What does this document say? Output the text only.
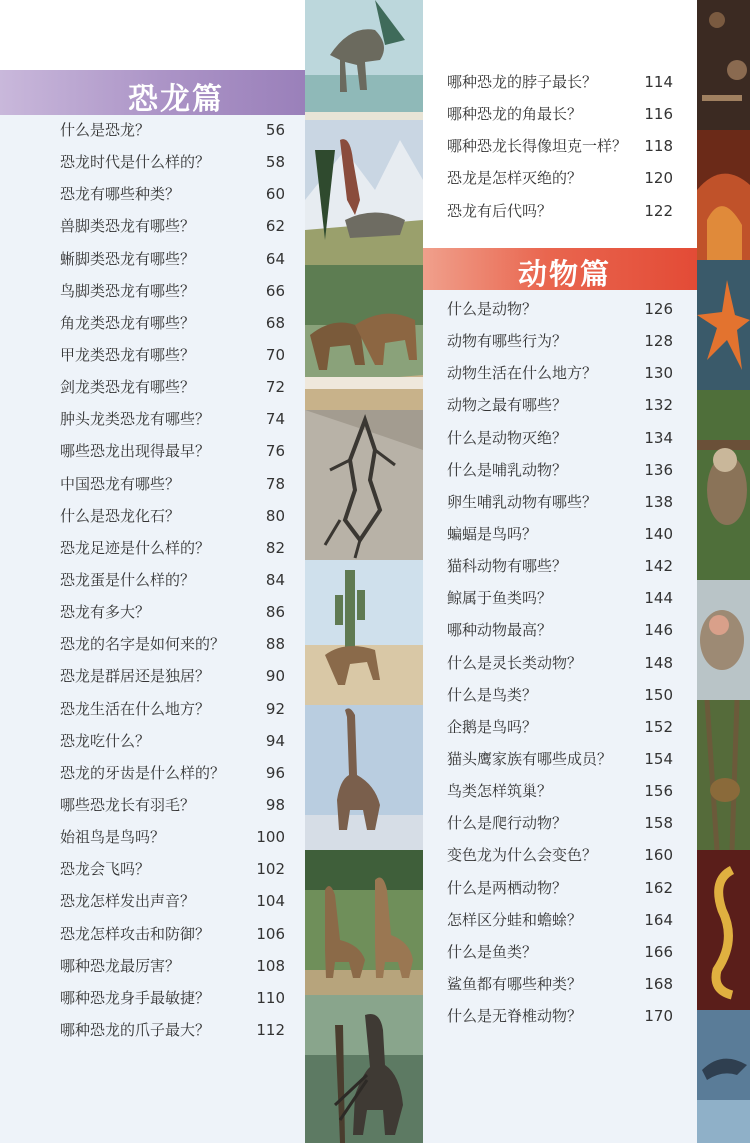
恐龙篇
什么是恐龙？	56
恐龙时代是什么样的？	58
恐龙有哪些种类？	60
兽脚类恐龙有哪些？	62
蜥脚类恐龙有哪些？	64
鸟脚类恐龙有哪些？	66
角龙类恐龙有哪些？	68
甲龙类恐龙有哪些？	70
剑龙类恐龙有哪些？	72
肿头龙类恐龙有哪些？	74
哪些恐龙出现得最早？	76
中国恐龙有哪些？	78
什么是恐龙化石？	80
恐龙足迹是什么样的？	82
恐龙蛋是什么样的？	84
恐龙有多大？	86
恐龙的名字是如何来的？	88
恐龙是群居还是独居？	90
恐龙生活在什么地方？	92
恐龙吃什么？	94
恐龙的牙齿是什么样的？	96
哪些恐龙长有羽毛？	98
始祖鸟是鸟吗？	100
恐龙会飞吗？	102
恐龙怎样发出声音？	104
恐龙怎样攻击和防御？	106
哪种恐龙最厉害？	108
哪种恐龙身手最敏捷？	110
哪种恐龙的爪子最大？	112
哪种恐龙的脖子最长？	114
哪种恐龙的角最长？	116
哪种恐龙长得像坦克一样？ 118
恐龙是怎样灭绝的？	120
恐龙有后代吗？	122
动物篇
什么是动物？	126
动物有哪些行为？	128
动物生活在什么地方？	130
动物之最有哪些？	132
什么是动物灭绝？	134
什么是哺乳动物？	136
卵生哺乳动物有哪些？	138
蝙蝠是鸟吗？	140
猫科动物有哪些？	142
鲸属于鱼类吗？	144
哪种动物最高？	146
什么是灵长类动物？	148
什么是鸟类？	150
企鹅是鸟吗？	152
猫头鹰家族有哪些成员？ 154
鸟类怎样筑巢？	156
什么是爬行动物？	158
变色龙为什么会变色？	160
什么是两栖动物？	162
怎样区分蛙和蟾蜍？	164
什么是鱼类？	166
鲨鱼都有哪些种类？	168
什么是无脊椎动物？	170
